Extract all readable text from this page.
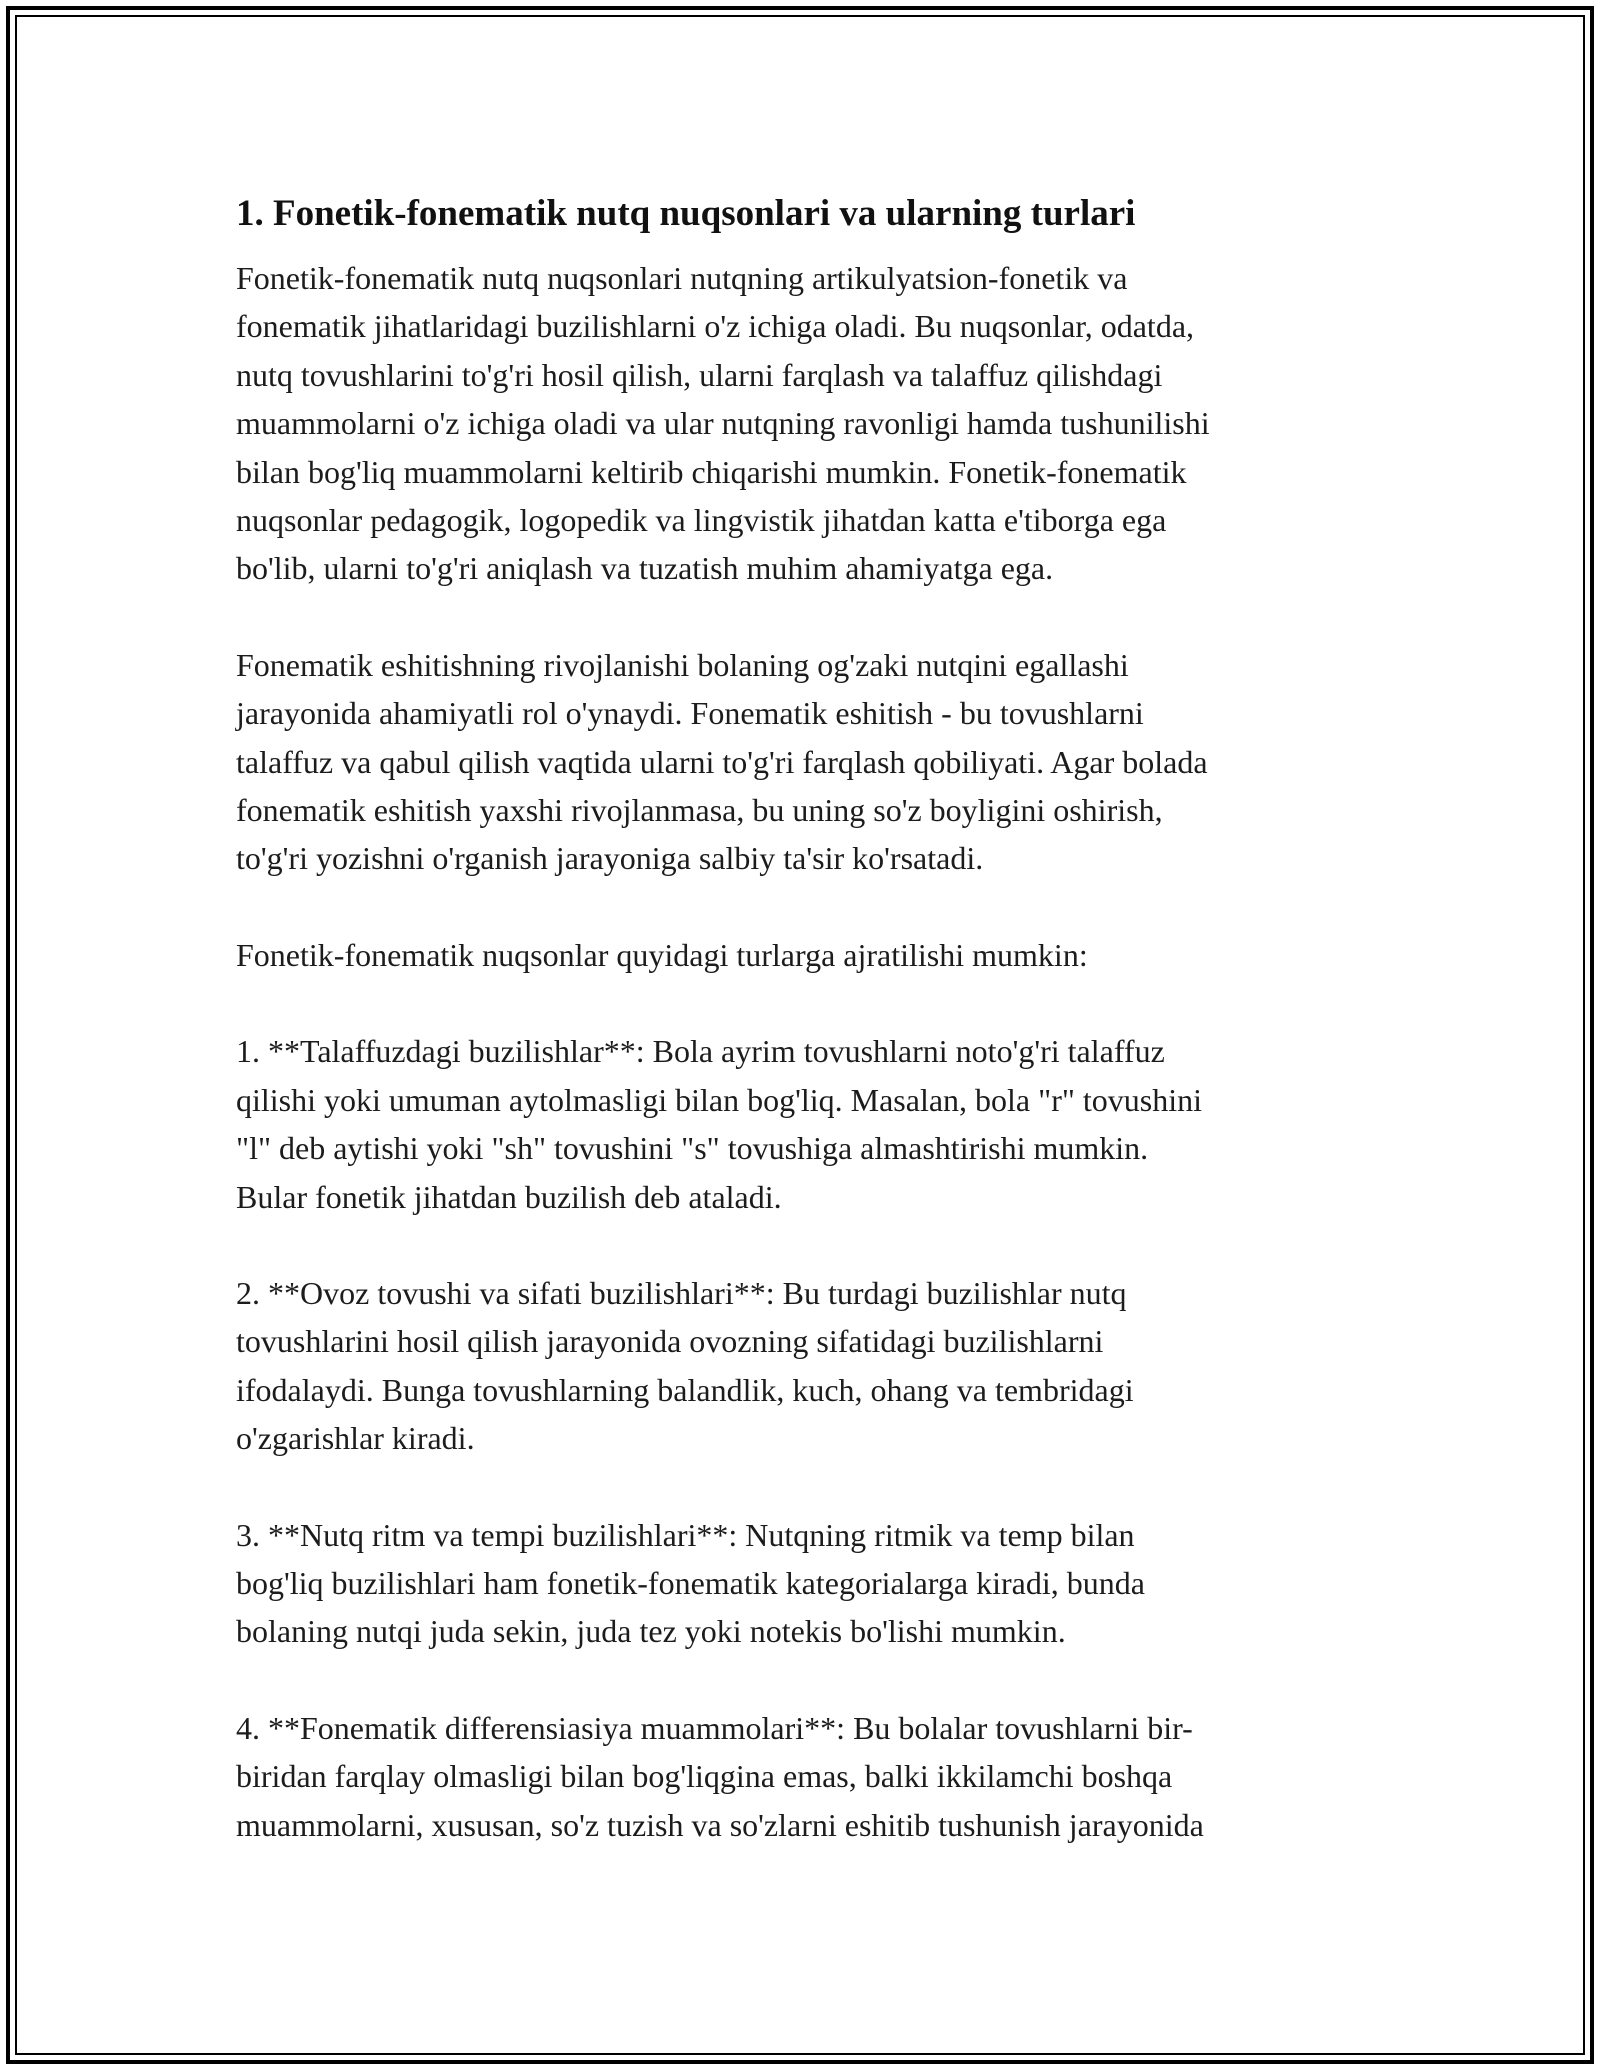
1. Fonetik-fonematik nutq nuqsonlari va ularning turlari

Fonetik-fonematik nutq nuqsonlari nutqning artikulyatsion-fonetik va
fonematik jihatlaridagi buzilishlarni o'z ichiga oladi. Bu nuqsonlar, odatda,
nutq tovushlarini to'g'ri hosil qilish, ularni farqlash va talaffuz qilishdagi
muammolarni o'z ichiga oladi va ular nutqning ravonligi hamda tushunilishi
bilan bog'liq muammolarni keltirib chiqarishi mumkin. Fonetik-fonematik
nuqsonlar pedagogik, logopedik va lingvistik jihatdan katta e'tiborga ega
bo'lib, ularni to'g'ri aniqlash va tuzatish muhim ahamiyatga ega.

Fonematik eshitishning rivojlanishi bolaning og'zaki nutqini egallashi
jarayonida ahamiyatli rol o'ynaydi. Fonematik eshitish - bu tovushlarni
talaffuz va qabul qilish vaqtida ularni to'g'ri farqlash qobiliyati. Agar bolada
fonematik eshitish yaxshi rivojlanmasa, bu uning so'z boyligini oshirish,
to'g'ri yozishni o'rganish jarayoniga salbiy ta'sir ko'rsatadi.

Fonetik-fonematik nuqsonlar quyidagi turlarga ajratilishi mumkin:

1. **Talaffuzdagi buzilishlar**: Bola ayrim tovushlarni noto'g'ri talaffuz
qilishi yoki umuman aytolmasligi bilan bog'liq. Masalan, bola "r" tovushini
"l" deb aytishi yoki "sh" tovushini "s" tovushiga almashtirishi mumkin.
Bular fonetik jihatdan buzilish deb ataladi.

2. **Ovoz tovushi va sifati buzilishlari**: Bu turdagi buzilishlar nutq
tovushlarini hosil qilish jarayonida ovozning sifatidagi buzilishlarni
ifodalaydi. Bunga tovushlarning balandlik, kuch, ohang va tembridagi
o'zgarishlar kiradi.

3. **Nutq ritm va tempi buzilishlari**: Nutqning ritmik va temp bilan
bog'liq buzilishlari ham fonetik-fonematik kategorialarga kiradi, bunda
bolaning nutqi juda sekin, juda tez yoki notekis bo'lishi mumkin.

4. **Fonematik differensiasiya muammolari**: Bu bolalar tovushlarni bir-
biridan farqlay olmasligi bilan bog'liqgina emas, balki ikkilamchi boshqa
muammolarni, xususan, so'z tuzish va so'zlarni eshitib tushunish jarayonida
